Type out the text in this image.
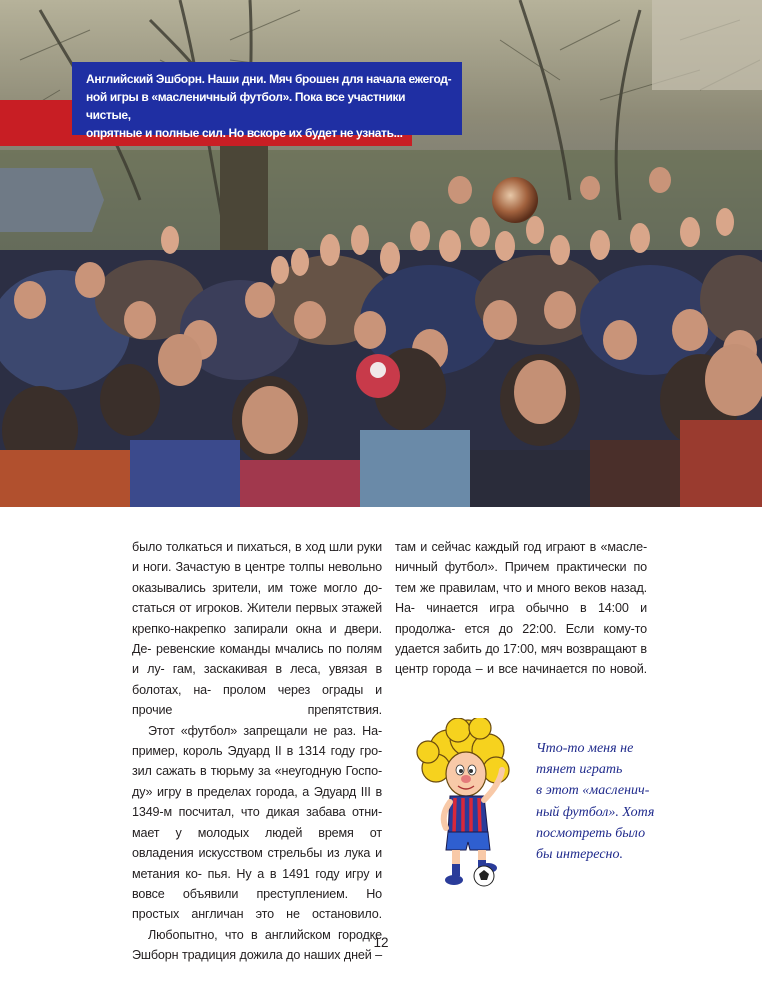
Английский Эшборн. Наши дни. Мяч брошен для начала ежегод-
ной игры в «масленичный футбол». Пока все участники чистые,
опрятные и полные сил. Но вскоре их будет не узнать...

было толкаться и пихаться, в ход шли руки и ноги. Зачастую в центре толпы невольно оказывались зрители, им тоже могло до- статься от игроков. Жители первых этажей крепко-накрепко запирали окна и двери. Де- ревенские команды мчались по полям и лу- гам, заскакивая в леса, увязая в болотах, на- пролом через ограды и прочие препятствия.

Этот «футбол» запрещали не раз. На- пример, король Эдуард II в 1314 году гро- зил сажать в тюрьму за «неугодную Госпо- ду» игру в пределах города, а Эдуард III в 1349-м посчитал, что дикая забава отни- мает у молодых людей время от овладения искусством стрельбы из лука и метания ко- пья. Ну а в 1491 году игру и вовсе объявили преступлением. Но простых англичан это не остановило.

Любопытно, что в английском городке Эшборн традиция дожила до наших дней –

там и сейчас каждый год играют в «масле- ничный футбол». Причем практически по тем же правилам, что и много веков назад. На- чинается игра обычно в 14:00 и продолжа- ется до 22:00. Если кому-то удается забить до 17:00, мяч возвращают в центр города – и все начинается по новой.

Что-то меня не
тянет играть
в этот «масленич-
ный футбол». Хотя
посмотреть было
бы интересно.

12
